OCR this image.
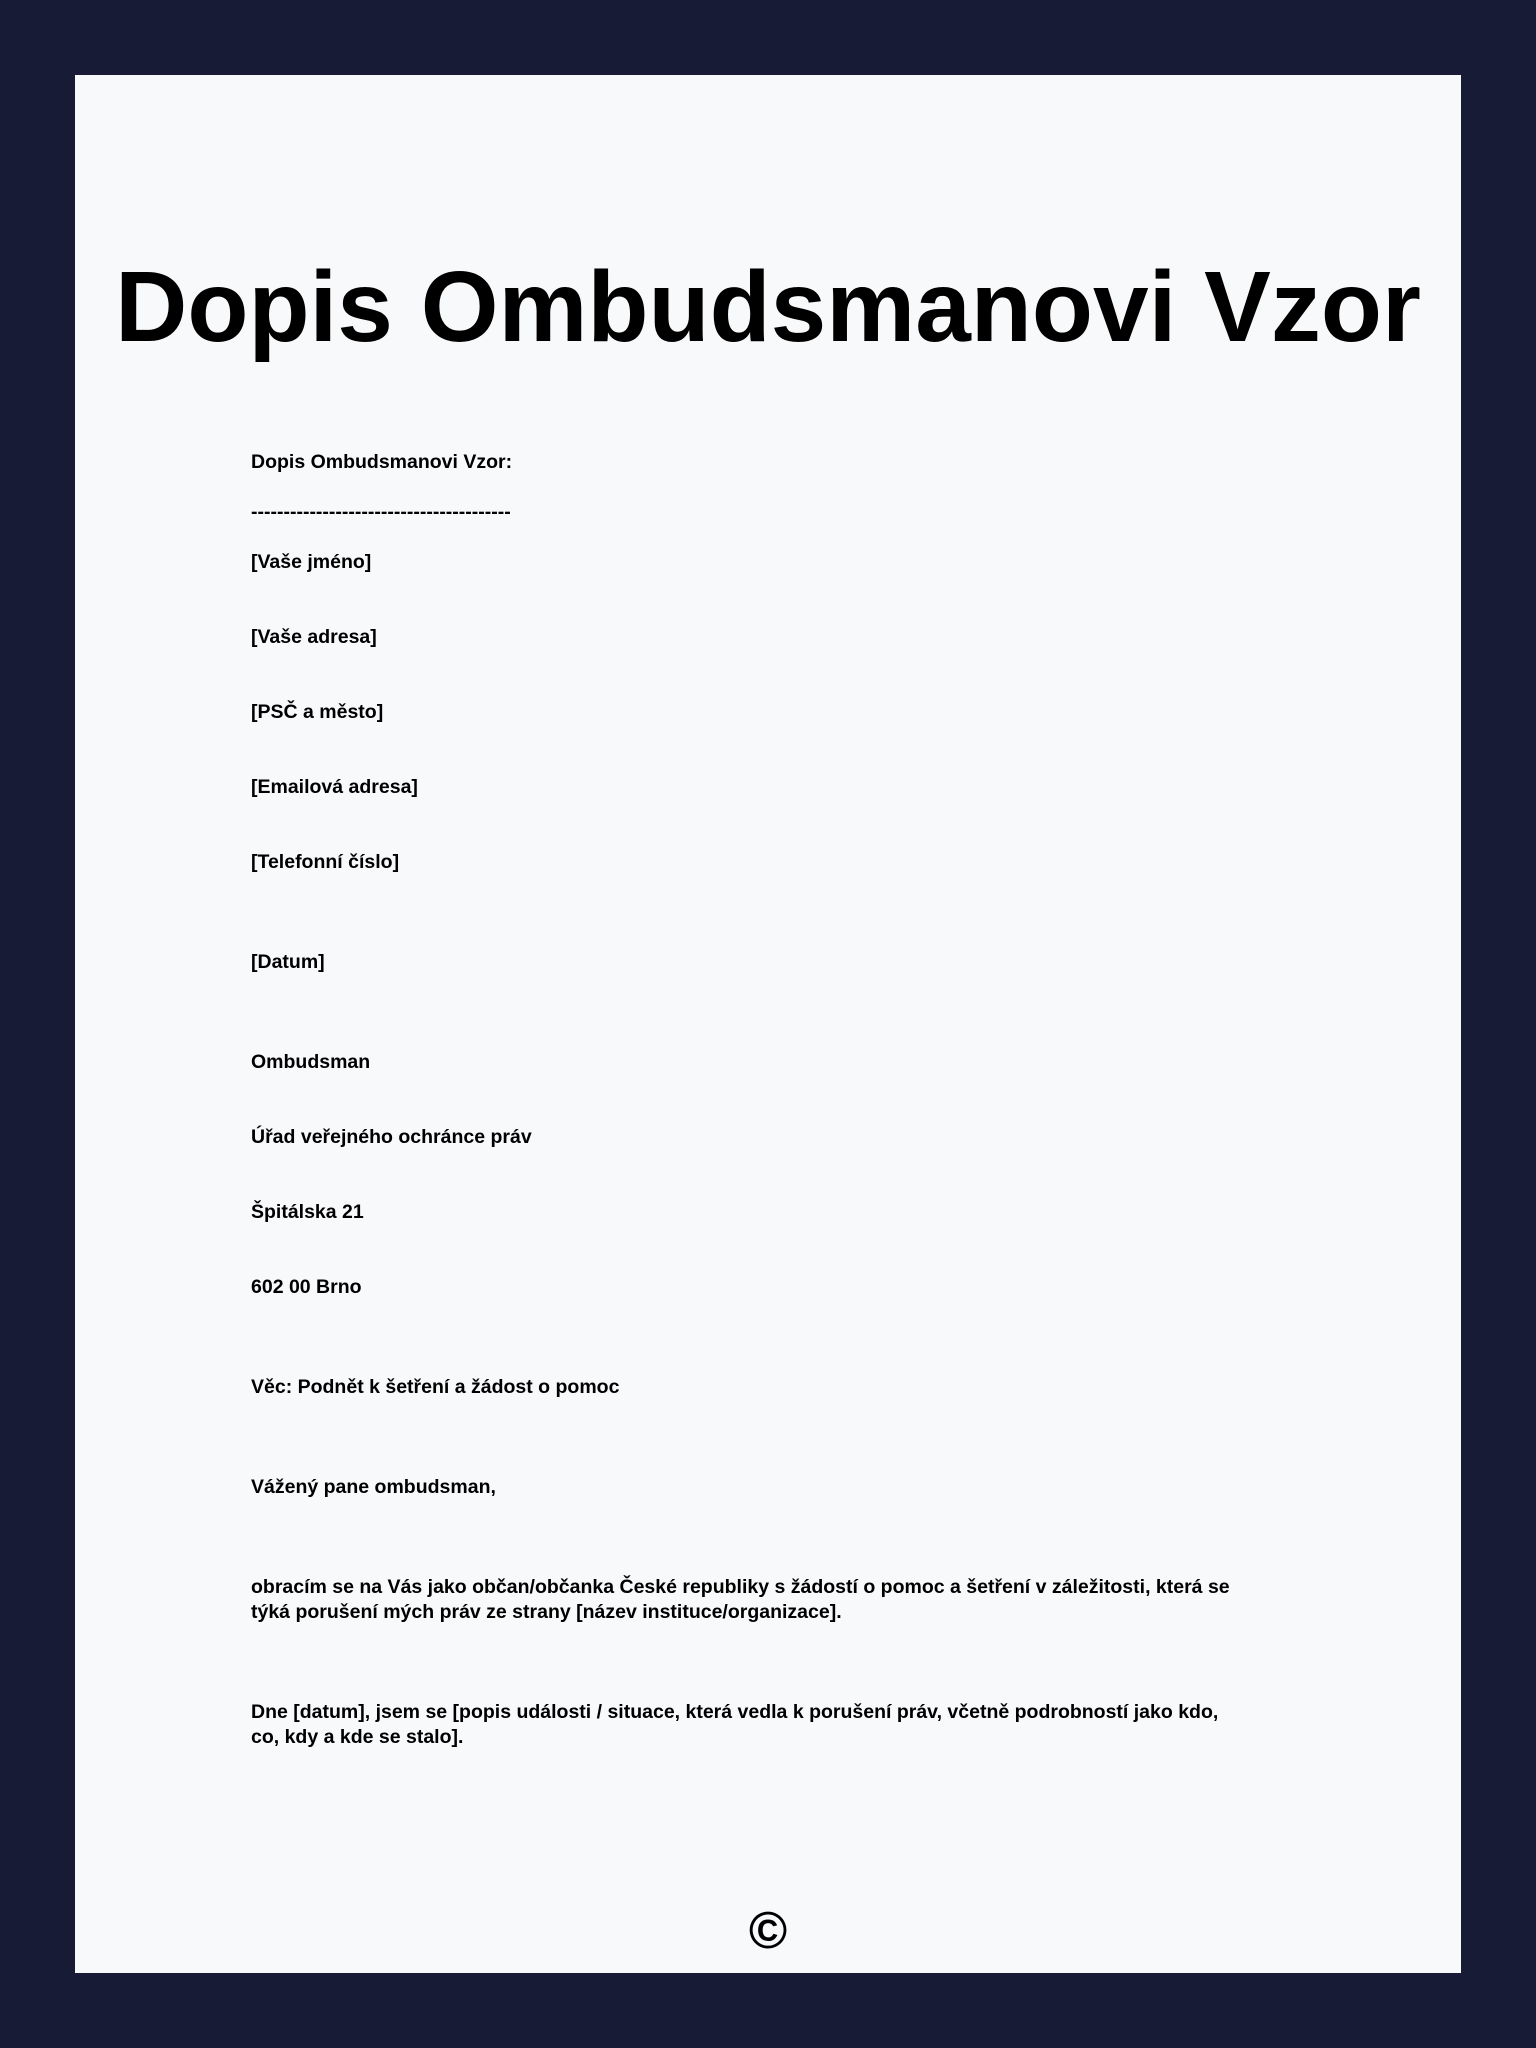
Dopis Ombudsmanovi Vzor

Dopis Ombudsmanovi Vzor:

----------------------------------------

[Vaše jméno]

[Vaše adresa]

[PSČ a město]

[Emailová adresa]

[Telefonní číslo]

[Datum]

Ombudsman

Úřad veřejného ochránce práv

Špitálska 21

602 00 Brno

Věc: Podnět k šetření a žádost o pomoc

Vážený pane ombudsman,

obracím se na Vás jako občan/občanka České republiky s žádostí o pomoc a šetření v záležitosti, která se
týká porušení mých práv ze strany [název instituce/organizace].
Dne [datum], jsem se [popis události / situace, která vedla k porušení práv, včetně podrobností jako kdo,
co, kdy a kde se stalo].
©
